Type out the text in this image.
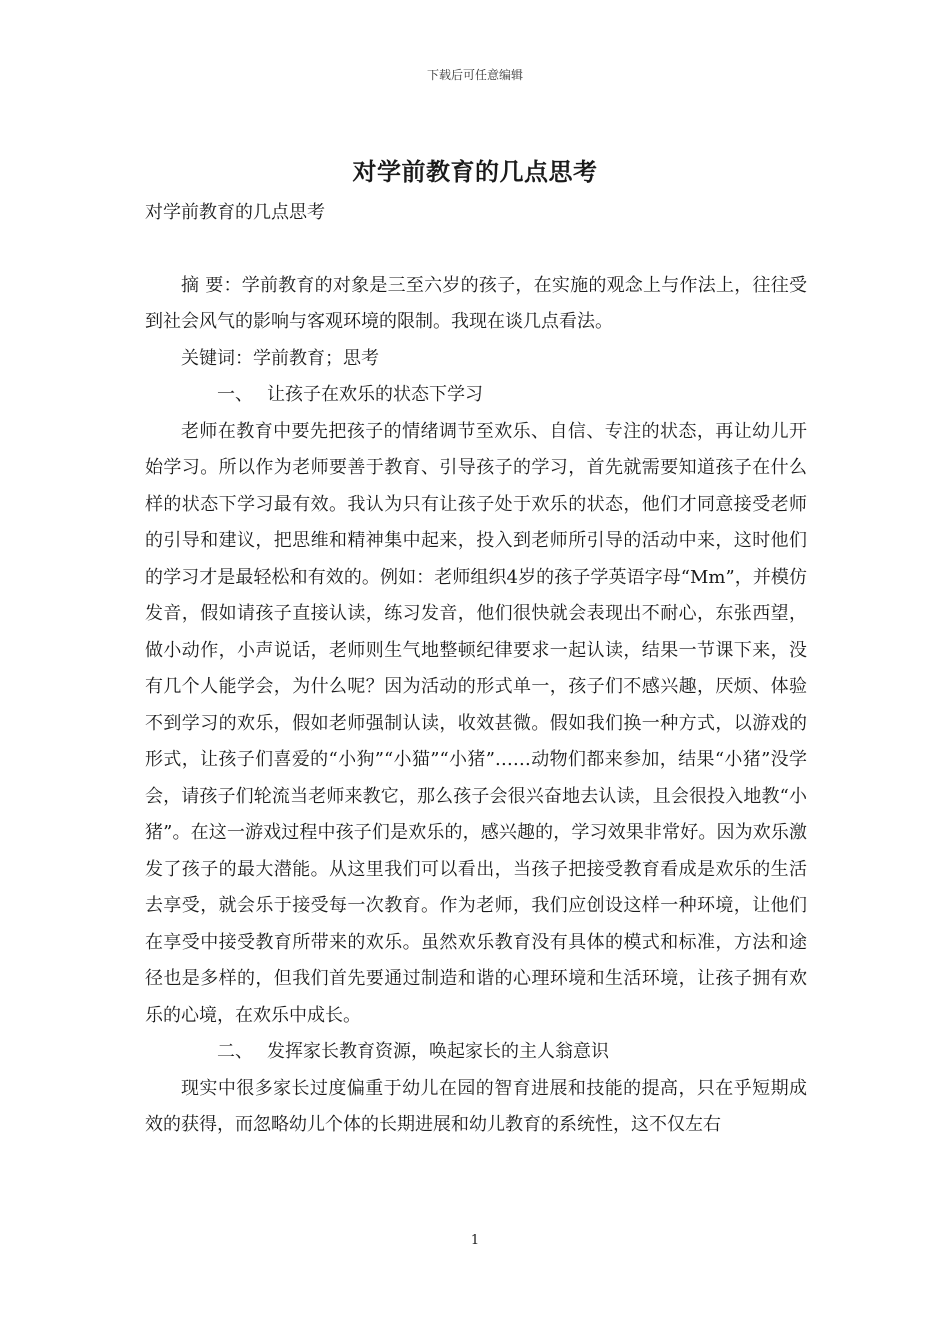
下载后可任意编辑
对学前教育的几点思考

对学前教育的几点思考

摘 要：学前教育的对象是三至六岁的孩子，在实施的观念上与作法上，往往受到社会风气的影响与客观环境的限制。我现在谈几点看法。

关键词：学前教育；思考

一、 让孩子在欢乐的状态下学习

老师在教育中要先把孩子的情绪调节至欢乐、自信、专注的状态，再让幼儿开始学习。所以作为老师要善于教育、引导孩子的学习，首先就需要知道孩子在什么样的状态下学习最有效。我认为只有让孩子处于欢乐的状态，他们才同意接受老师的引导和建议，把思维和精神集中起来，投入到老师所引导的活动中来，这时他们的学习才是最轻松和有效的。例如：老师组织4岁的孩子学英语字母“Mm”，并模仿发音，假如请孩子直接认读，练习发音，他们很快就会表现出不耐心，东张西望，做小动作，小声说话，老师则生气地整顿纪律要求一起认读，结果一节课下来，没有几个人能学会，为什么呢？因为活动的形式单一，孩子们不感兴趣，厌烦、体验不到学习的欢乐，假如老师强制认读，收效甚微。假如我们换一种方式，以游戏的形式，让孩子们喜爱的“小狗”“小猫”“小猪”……动物们都来参加，结果“小猪”没学会，请孩子们轮流当老师来教它，那么孩子会很兴奋地去认读，且会很投入地教“小猪”。在这一游戏过程中孩子们是欢乐的，感兴趣的，学习效果非常好。因为欢乐激发了孩子的最大潜能。从这里我们可以看出，当孩子把接受教育看成是欢乐的生活去享受，就会乐于接受每一次教育。作为老师，我们应创设这样一种环境，让他们在享受中接受教育所带来的欢乐。虽然欢乐教育没有具体的模式和标准，方法和途径也是多样的，但我们首先要通过制造和谐的心理环境和生活环境，让孩子拥有欢乐的心境，在欢乐中成长。

二、 发挥家长教育资源，唤起家长的主人翁意识

现实中很多家长过度偏重于幼儿在园的智育进展和技能的提高，只在乎短期成效的获得，而忽略幼儿个体的长期进展和幼儿教育的系统性，这不仅左右

1
